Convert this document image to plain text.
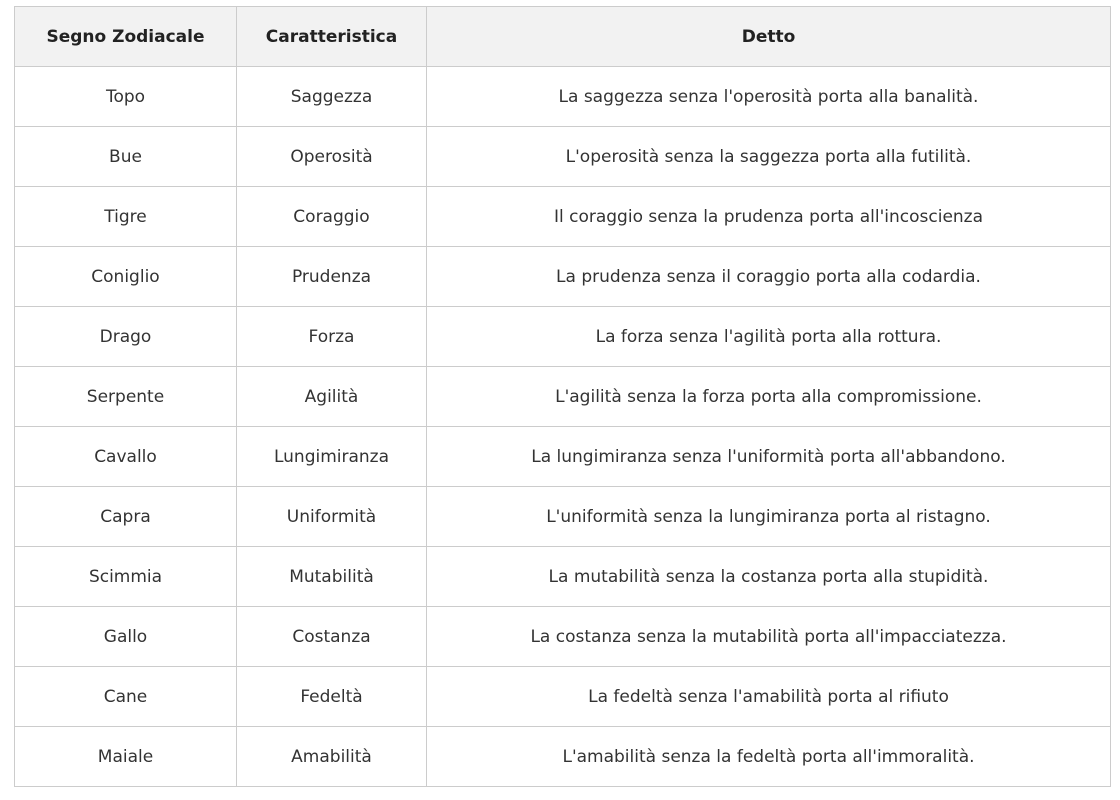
Segno Zodiacale	Caratteristica	Detto
Topo	Saggezza	La saggezza senza l'operosità porta alla banalità.
Bue	Operosità	L'operosità senza la saggezza porta alla futilità.
Tigre	Coraggio	Il coraggio senza la prudenza porta all'incoscienza
Coniglio	Prudenza	La prudenza senza il coraggio porta alla codardia.
Drago	Forza	La forza senza l'agilità porta alla rottura.
Serpente	Agilità	L'agilità senza la forza porta alla compromissione.
Cavallo	Lungimiranza	La lungimiranza senza l'uniformità porta all'abbandono.
Capra	Uniformità	L'uniformità senza la lungimiranza porta al ristagno.
Scimmia	Mutabilità	La mutabilità senza la costanza porta alla stupidità.
Gallo	Costanza	La costanza senza la mutabilità porta all'impacciatezza.
Cane	Fedeltà	La fedeltà senza l'amabilità porta al rifiuto
Maiale	Amabilità	L'amabilità senza la fedeltà porta all'immoralità.
